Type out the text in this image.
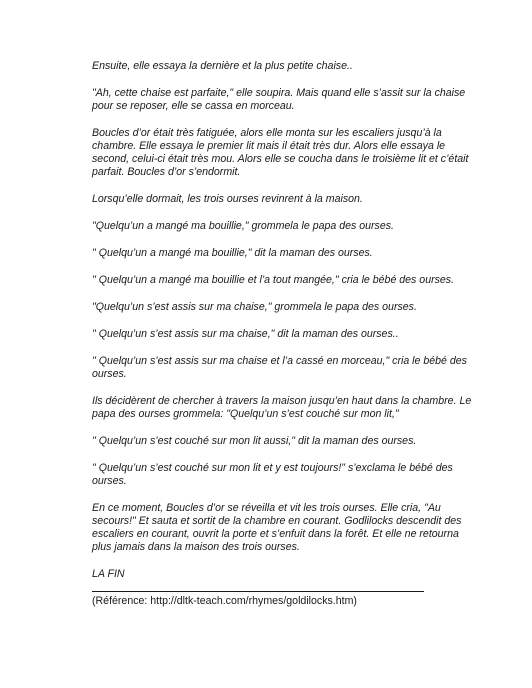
Ensuite, elle essaya la dernière et la plus petite chaise..

"Ah, cette chaise est parfaite," elle soupira. Mais quand elle s’assit sur la chaise pour se reposer, elle se cassa en morceau.

Boucles d’or était très fatiguée, alors elle monta sur les escaliers jusqu’à la chambre. Elle essaya le premier lit mais il était très dur. Alors elle essaya le second, celui-ci était très mou. Alors elle se coucha dans le troisième lit et c’était parfait. Boucles d’or s’endormit.

Lorsqu’elle dormait, les trois ourses revinrent à la maison.

"Quelqu’un a mangé ma bouillie," grommela le papa des ourses.

" Quelqu’un a mangé ma bouillie," dit la maman des ourses.

" Quelqu’un a mangé ma bouillie et l’a tout mangée," cria le bébé des ourses.

"Quelqu’un s’est assis sur ma chaise," grommela le papa des ourses.

" Quelqu’un s’est assis sur ma chaise," dit la maman des ourses..

" Quelqu’un s’est assis sur ma chaise et l’a cassé en morceau," cria le bébé des ourses.

Ils décidèrent de chercher à travers la maison jusqu’en haut dans la chambre. Le papa des ourses grommela: "Quelqu’un s’est couché sur mon lit,"

" Quelqu’un s’est couché sur mon lit aussi," dit la maman des ourses.

" Quelqu’un s’est couché sur mon lit et y est toujours!" s’exclama le bébé des ourses.

En ce moment, Boucles d’or se réveilla et vit les trois ourses. Elle cria, "Au secours!" Et sauta et sortit de la chambre en courant. Godlilocks descendit des escaliers en courant, ouvrit la porte et s’enfuit dans la forêt. Et elle ne retourna plus jamais dans la maison des trois ourses.

LA FIN

(Référence: http://dltk-teach.com/rhymes/goldilocks.htm)
